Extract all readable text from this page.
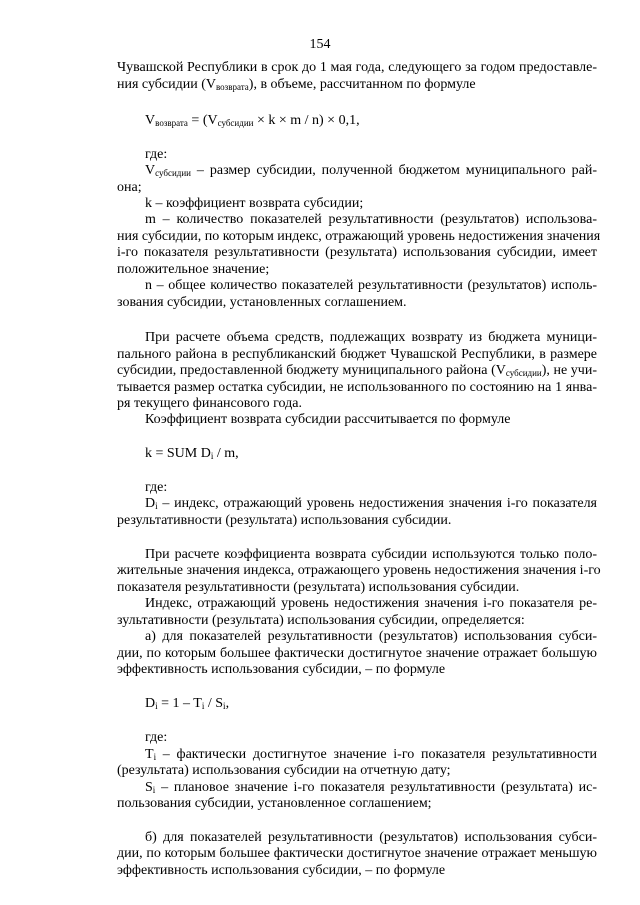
154
Чувашской Республики в срок до 1 мая года, следующего за годом предоставле-
ния субсидии $(V_{возврата})$, в объеме, рассчитанном по формуле
$V_{возврата} = (V_{субсидии} \times k \times m / n) \times 0,1$,
где:
$V_{субсидии}$ – размер субсидии, полученной бюджетом муниципального рай-
она;
k – коэффициент возврата субсидии;
m – количество показателей результативности (результатов) использова-
ния субсидии, по которым индекс, отражающий уровень недостижения значения
i-го показателя результативности (результата) использования субсидии, имеет
положительное значение;
n – общее количество показателей результативности (результатов) исполь-
зования субсидии, установленных соглашением.
При расчете объема средств, подлежащих возврату из бюджета муници-
пального района в республиканский бюджет Чувашской Республики, в размере
субсидии, предоставленной бюджету муниципального района $(V_{субсидии})$, не учи-
тывается размер остатка субсидии, не использованного по состоянию на 1 янва-
ря текущего финансового года.
Коэффициент возврата субсидии рассчитывается по формуле
k = SUM $D_i$ / m,
где:
$D_i$ – индекс, отражающий уровень недостижения значения i-го показателя
результативности (результата) использования субсидии.
При расчете коэффициента возврата субсидии используются только поло-
жительные значения индекса, отражающего уровень недостижения значения i-го
показателя результативности (результата) использования субсидии.
Индекс, отражающий уровень недостижения значения i-го показателя ре-
зультативности (результата) использования субсидии, определяется:
а) для показателей результативности (результатов) использования субси-
дии, по которым большее фактически достигнутое значение отражает большую
эффективность использования субсидии, – по формуле
$D_i = 1 - T_i / S_i$,
где:
$T_i$ – фактически достигнутое значение i-го показателя результативности
(результата) использования субсидии на отчетную дату;
$S_i$ – плановое значение i-го показателя результативности (результата) ис-
пользования субсидии, установленное соглашением;
б) для показателей результативности (результатов) использования субси-
дии, по которым большее фактически достигнутое значение отражает меньшую
эффективность использования субсидии, – по формуле
